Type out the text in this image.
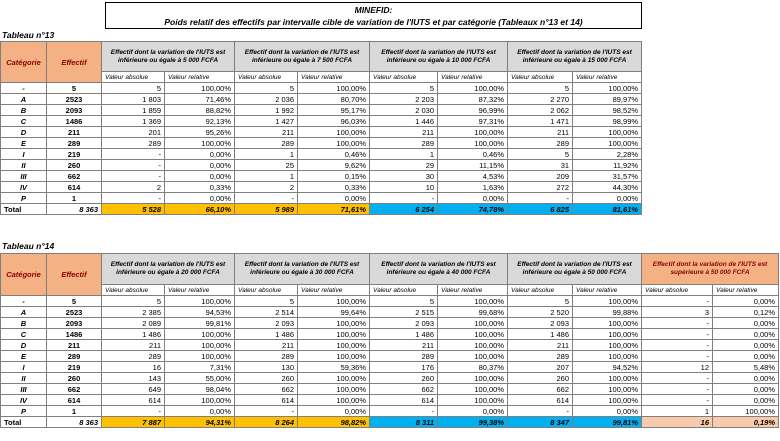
MINEFID:
Poids relatif des effectifs par intervalle cible de variation de l'IUTS et par catégorie (Tableaux n°13 et 14)
Tableau n°13
Catégorie	Effectif	Effectif dont la variation de l'IUTS est inférieure ou égale à 5 000 FCFA		Effectif dont la variation de l'IUTS est inférieure ou égale à 7 500 FCFA		Effectif dont la variation de l'IUTS est inférieure ou égale à 10 000 FCFA		Effectif dont la variation de l'IUTS est inférieure ou égale à 15 000 FCFA	
		Valeur absolue	Valeur relative	Valeur absolue	Valeur relative	Valeur absolue	Valeur relative	Valeur absolue	Valeur relative
-	5	5	100,00%	5	100,00%	5	100,00%	5	100,00%
A	2523	1 803	71,46%	2 036	80,70%	2 203	87,32%	2 270	89,97%
B	2093	1 859	88,82%	1 992	95,17%	2 030	96,99%	2 062	98,52%
C	1486	1 369	92,13%	1 427	96,03%	1 446	97,31%	1 471	98,99%
D	211	201	95,26%	211	100,00%	211	100,00%	211	100,00%
E	289	289	100,00%	289	100,00%	289	100,00%	289	100,00%
I	219	-	0,00%	1	0,46%	1	0,46%	5	2,28%
II	260	-	0,00%	25	9,62%	29	11,15%	31	11,92%
III	662	-	0,00%	1	0,15%	30	4,53%	209	31,57%
IV	614	2	0,33%	2	0,33%	10	1,63%	272	44,30%
P	1	-	0,00%	-	0,00%	-	0,00%	-	0,00%
Total	8 363	5 528	66,10%	5 989	71,61%	6 254	74,78%	6 825	81,61%
Tableau n°14
Catégorie	Effectif	Effectif dont la variation de l'IUTS est inférieure ou égale à 20 000 FCFA		Effectif dont la variation de l'IUTS est inférieure ou égale à 30 000 FCFA		Effectif dont la variation de l'IUTS est inférieure ou égale à 40 000 FCFA		Effectif dont la variation de l'IUTS est inférieure ou égale à 50 000 FCFA		Effectif dont la variation de l'IUTS est supérieure à 50 000 FCFA	
		Valeur absolue	Valeur relative	Valeur absolue	Valeur relative	Valeur absolue	Valeur relative	Valeur absolue	Valeur relative	Valeur absolue	Valeur relative
-	5	5	100,00%	5	100,00%	5	100,00%	5	100,00%	-	0,00%
A	2523	2 385	94,53%	2 514	99,64%	2 515	99,68%	2 520	99,88%	3	0,12%
B	2093	2 089	99,81%	2 093	100,00%	2 093	100,00%	2 093	100,00%	-	0,00%
C	1486	1 486	100,00%	1 486	100,00%	1 486	100,00%	1 486	100,00%	-	0,00%
D	211	211	100,00%	211	100,00%	211	100,00%	211	100,00%	-	0,00%
E	289	289	100,00%	289	100,00%	289	100,00%	289	100,00%	-	0,00%
I	219	16	7,31%	130	59,36%	176	80,37%	207	94,52%	12	5,48%
II	260	143	55,00%	260	100,00%	260	100,00%	260	100,00%	-	0,00%
III	662	649	98,04%	662	100,00%	662	100,00%	662	100,00%	-	0,00%
IV	614	614	100,00%	614	100,00%	614	100,00%	614	100,00%	-	0,00%
P	1	-	0,00%	-	0,00%	-	0,00%	-	0,00%	1	100,00%
Total	8 363	7 887	94,31%	8 264	98,82%	8 311	99,38%	8 347	99,81%	16	0,19%
